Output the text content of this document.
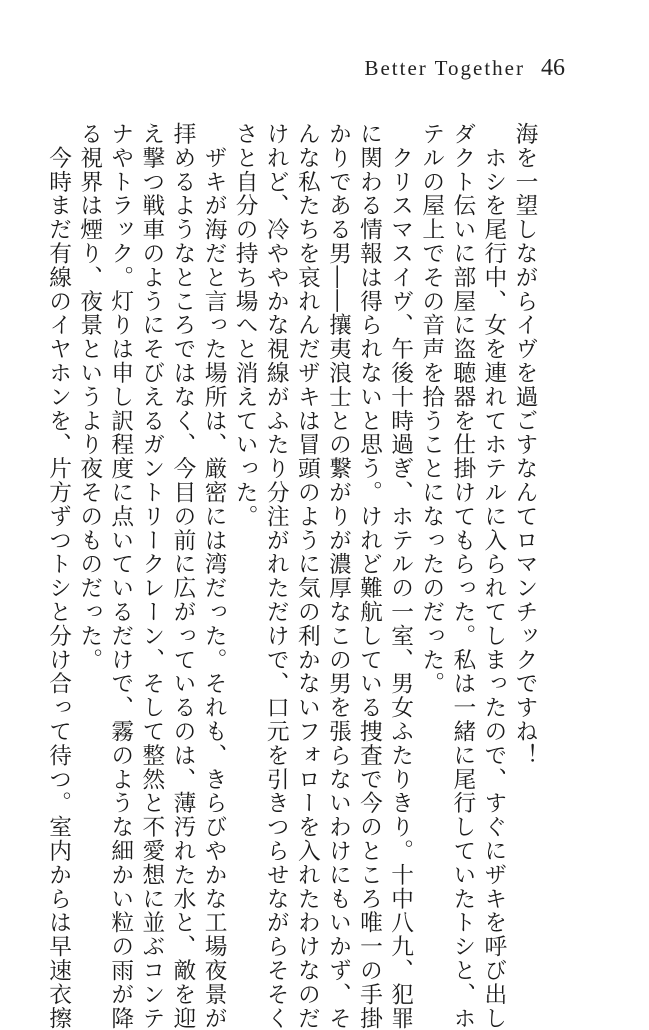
Better Together 46
海を一望しながらイヴを過ごすなんてロマンチックですね！
　ホシを尾行中、女を連れてホテルに入られてしまったので、すぐにザキを呼び出し
ダクト伝いに部屋に盗聴器を仕掛けてもらった。私は一緒に尾行していたトシと、ホ
テルの屋上でその音声を拾うことになったのだった。
　クリスマスイヴ、午後十時過ぎ、ホテルの一室、男女ふたりきり。十中八九、犯罪
に関わる情報は得られないと思う。けれど難航している捜査で今のところ唯一の手掛
かりである男――攘夷浪士との繋がりが濃厚なこの男を張らないわけにもいかず、そ
んな私たちを哀れんだザキは冒頭のように気の利かないフォローを入れたわけなのだ
けれど、冷ややかな視線がふたり分注がれただけで、口元を引きつらせながらそそく
さと自分の持ち場へと消えていった。
　ザキが海だと言った場所は、厳密には湾だった。それも、きらびやかな工場夜景が
拝めるようなところではなく、今目の前に広がっているのは、薄汚れた水と、敵を迎
え撃つ戦車のようにそびえるガントリークレーン、そして整然と不愛想に並ぶコンテ
ナやトラック。灯りは申し訳程度に点いているだけで、霧のような細かい粒の雨が降
る視界は煙り、夜景というより夜そのものだった。
　今時まだ有線のイヤホンを、片方ずつトシと分け合って待つ。室内からは早速衣擦
